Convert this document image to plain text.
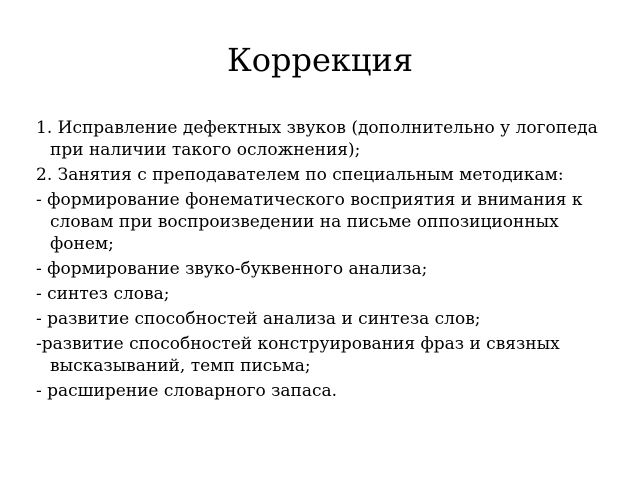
Коррекция
1. Исправление дефектных звуков (дополнительно у логопеда при наличии такого осложнения);
2. Занятия с преподавателем по специальным методикам:
- формирование фонематического восприятия и внимания к словам при воспроизведении на письме оппозиционных фонем;
- формирование звуко-буквенного анализа;
- синтез слова;
- развитие способностей анализа и синтеза слов;
-развитие способностей конструирования фраз и связных высказываний, темп письма;
- расширение словарного запаса.
